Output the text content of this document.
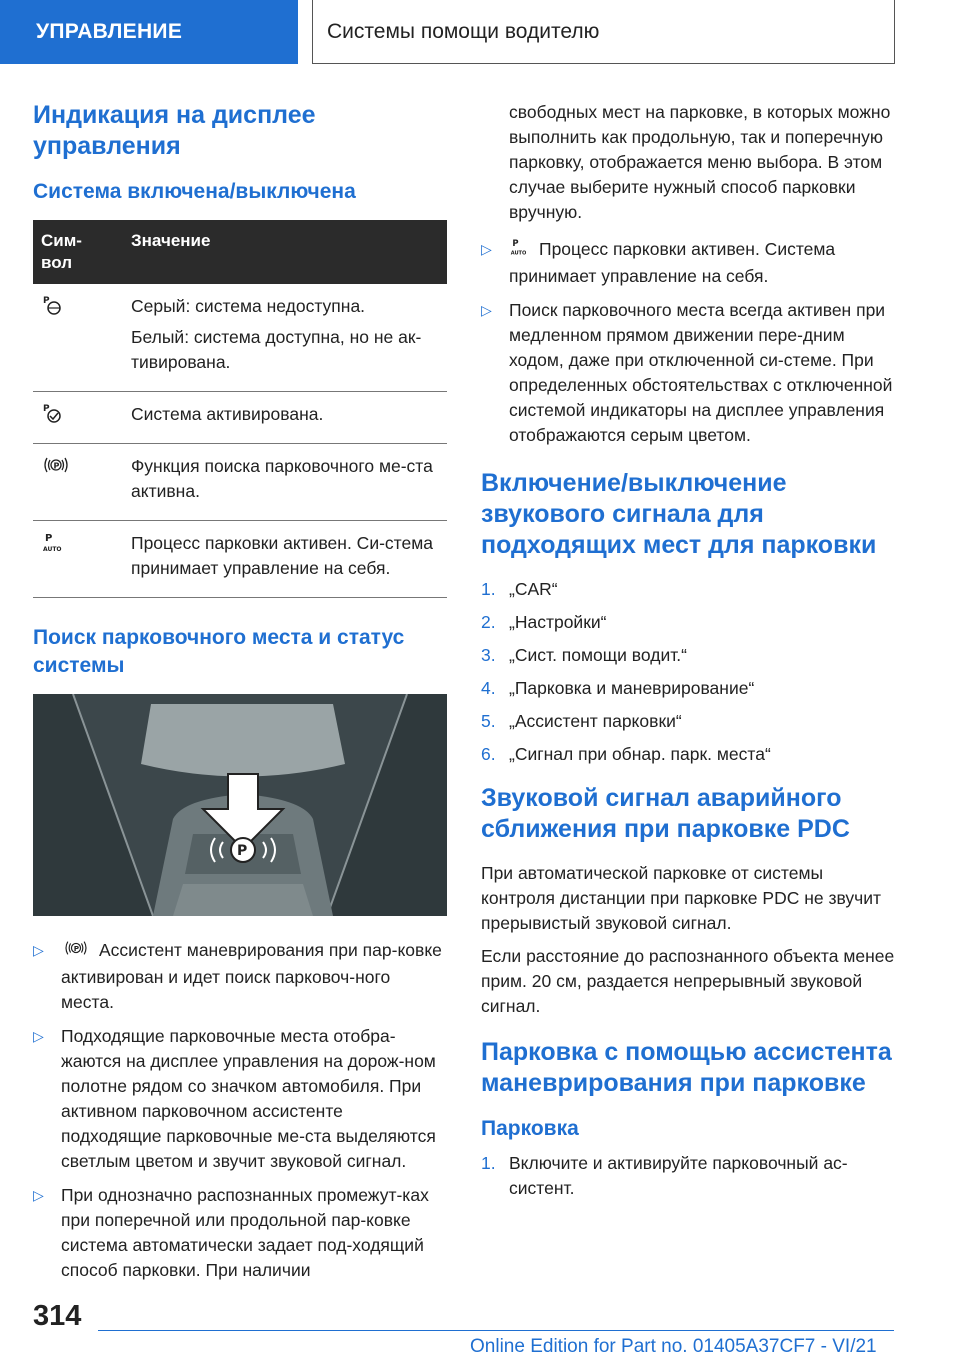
УПРАВЛЕНИЕ	Системы помощи водителю
Индикация на дисплее управления
Система включена/выключена
Сим-
вол	Значение

P	Серый: система недоступна.

Белый: система доступна, но не ак-тивирована.

P	Система активирована.

P	Функция поиска парковочного ме-ста активна.

P
AUTO	Процесс парковки активен. Си-стема принимает управление на себя.

Поиск парковочного места и статус системы
P
▷	P Ассистент маневрирования при пар-ковке активирован и идет поиск парковоч-ного места.
▷ Подходящие парковочные места отобра-жаются на дисплее управления на дорож-ном полотне рядом со значком автомобиля. При активном парковочном ассистенте подходящие парковочные ме-ста выделяются светлым цветом и звучит звуковой сигнал.
▷ При однозначно распознанных промежут-ках при поперечной или продольной пар-ковке система автоматически задает под-ходящий способ парковки. При наличии

свободных мест на парковке, в которых можно выполнить как продольную, так и поперечную парковку, отображается меню выбора. В этом случае выберите нужный способ парковки вручную.

▷ P
AUTO Процесс парковки активен. Система принимает управление на себя.
▷ Поиск парковочного места всегда активен при медленном прямом движении пере-дним ходом, даже при отключенной си-стеме. При определенных обстоятельствах с отключенной системой индикаторы на дисплее управления отображаются серым цветом.
Включение/выключение звукового сигнала для подходящих мест для парковки
1. „CAR“
2. „Настройки“
3. „Сист. помощи водит.“
4. „Парковка и маневрирование“
5. „Ассистент парковки“
6. „Сигнал при обнар. парк. места“
Звуковой сигнал аварийного сближения при парковке PDC

При автоматической парковке от системы контроля дистанции при парковке PDC не звучит прерывистый звуковой сигнал.

Если расстояние до распознанного объекта менее прим. 20 см, раздается непрерывный звуковой сигнал.

Парковка с помощью ассистента маневрирования при парковке
Парковка
1. Включите и активируйте парковочный ас-систент.
314
Online Edition for Part no. 01405A37CF7 - VI/21
